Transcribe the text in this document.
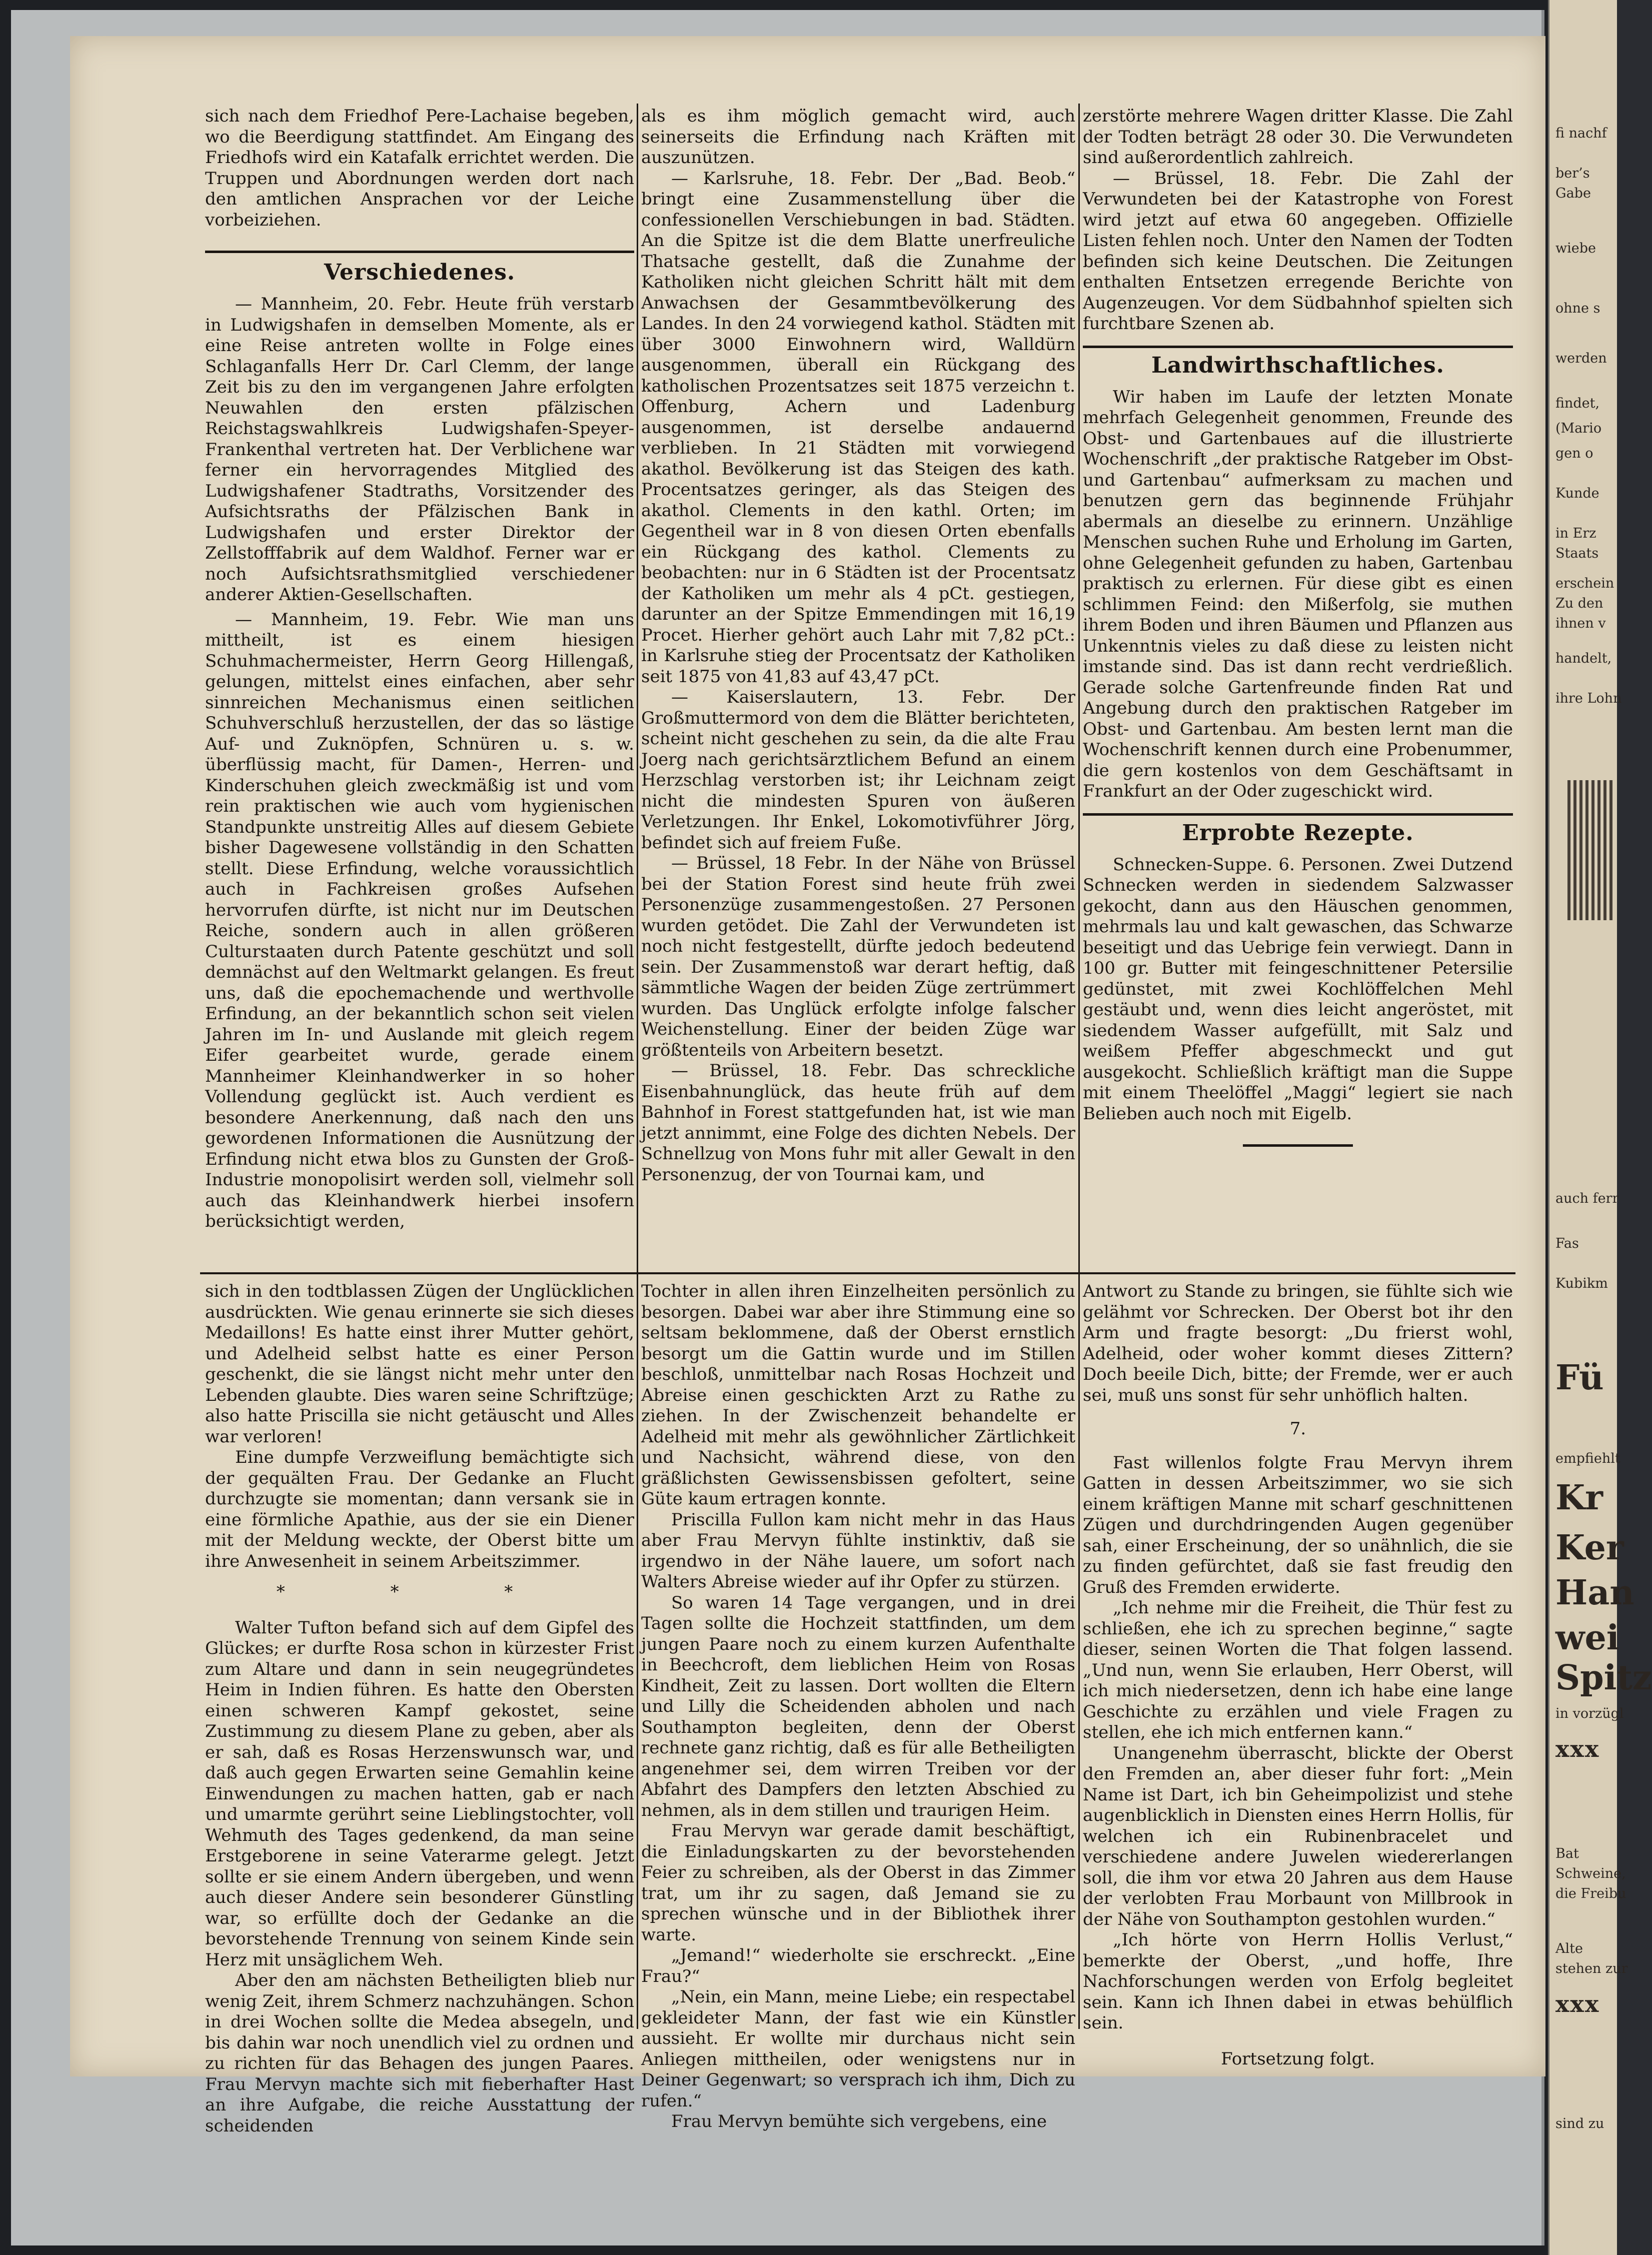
sich nach dem Friedhof Pere-Lachaise begeben, wo die Beerdigung stattfindet. Am Eingang des Friedhofs wird ein Katafalk errichtet werden. Die Truppen und Abordnungen werden dort nach den amtlichen Ansprachen vor der Leiche vorbeiziehen.

Verschiedenes.

— Mannheim, 20. Febr. Heute früh verstarb in Ludwigshafen in demselben Momente, als er eine Reise antreten wollte in Folge eines Schlaganfalls Herr Dr. Carl Clemm, der lange Zeit bis zu den im vergangenen Jahre erfolgten Neuwahlen den ersten pfälzischen Reichstagswahlkreis Ludwigshafen-Speyer-Frankenthal vertreten hat. Der Verblichene war ferner ein hervorragendes Mitglied des Ludwigshafener Stadtraths, Vorsitzender des Aufsichtsraths der Pfälzischen Bank in Ludwigshafen und erster Direktor der Zellstofffabrik auf dem Waldhof. Ferner war er noch Aufsichtsrathsmitglied verschiedener anderer Aktien-Gesellschaften.

— Mannheim, 19. Febr. Wie man uns mittheilt, ist es einem hiesigen Schuhmachermeister, Herrn Georg Hillengaß, gelungen, mittelst eines einfachen, aber sehr sinnreichen Mechanismus einen seitlichen Schuhverschluß herzustellen, der das so lästige Auf- und Zuknöpfen, Schnüren u. s. w. überflüssig macht, für Damen-, Herren- und Kinderschuhen gleich zweckmäßig ist und vom rein praktischen wie auch vom hygienischen Standpunkte unstreitig Alles auf diesem Gebiete bisher Dagewesene vollständig in den Schatten stellt. Diese Erfindung, welche voraussichtlich auch in Fachkreisen großes Aufsehen hervorrufen dürfte, ist nicht nur im Deutschen Reiche, sondern auch in allen größeren Culturstaaten durch Patente geschützt und soll demnächst auf den Weltmarkt gelangen. Es freut uns, daß die epochemachende und werthvolle Erfindung, an der bekanntlich schon seit vielen Jahren im In- und Auslande mit gleich regem Eifer gearbeitet wurde, gerade einem Mannheimer Kleinhandwerker in so hoher Vollendung geglückt ist. Auch verdient es besondere Anerkennung, daß nach den uns gewordenen Informationen die Ausnützung der Erfindung nicht etwa blos zu Gunsten der Groß-Industrie monopolisirt werden soll, vielmehr soll auch das Kleinhandwerk hierbei insofern berücksichtigt werden,

als es ihm möglich gemacht wird, auch seinerseits die Erfindung nach Kräften mit auszunützen.

— Karlsruhe, 18. Febr. Der „Bad. Beob.“ bringt eine Zusammenstellung über die confessionellen Verschiebungen in bad. Städten. An die Spitze ist die dem Blatte unerfreuliche Thatsache gestellt, daß die Zunahme der Katholiken nicht gleichen Schritt hält mit dem Anwachsen der Gesammtbevölkerung des Landes. In den 24 vorwiegend kathol. Städten mit über 3000 Einwohnern wird, Walldürn ausgenommen, überall ein Rückgang des katholischen Prozentsatzes seit 1875 verzeichn t. Offenburg, Achern und Ladenburg ausgenommen, ist derselbe andauernd verblieben. In 21 Städten mit vorwiegend akathol. Bevölkerung ist das Steigen des kath. Procentsatzes geringer, als das Steigen des akathol. Clements in den kathl. Orten; im Gegentheil war in 8 von diesen Orten ebenfalls ein Rückgang des kathol. Clements zu beobachten: nur in 6 Städten ist der Procentsatz der Katholiken um mehr als 4 pCt. gestiegen, darunter an der Spitze Emmendingen mit 16,19 Procet. Hierher gehört auch Lahr mit 7,82 pCt.: in Karlsruhe stieg der Procentsatz der Katholiken seit 1875 von 41,83 auf 43,47 pCt.

— Kaiserslautern, 13. Febr. Der Großmuttermord von dem die Blätter berichteten, scheint nicht geschehen zu sein, da die alte Frau Joerg nach gerichtsärztlichem Befund an einem Herzschlag verstorben ist; ihr Leichnam zeigt nicht die mindesten Spuren von äußeren Verletzungen. Ihr Enkel, Lokomotivführer Jörg, befindet sich auf freiem Fuße.

— Brüssel, 18 Febr. In der Nähe von Brüssel bei der Station Forest sind heute früh zwei Personenzüge zusammengestoßen. 27 Personen wurden getödet. Die Zahl der Verwundeten ist noch nicht festgestellt, dürfte jedoch bedeutend sein. Der Zusammenstoß war derart heftig, daß sämmtliche Wagen der beiden Züge zertrümmert wurden. Das Unglück erfolgte infolge falscher Weichenstellung. Einer der beiden Züge war größtenteils von Arbeitern besetzt.

— Brüssel, 18. Febr. Das schreckliche Eisenbahnunglück, das heute früh auf dem Bahnhof in Forest stattgefunden hat, ist wie man jetzt annimmt, eine Folge des dichten Nebels. Der Schnellzug von Mons fuhr mit aller Gewalt in den Personenzug, der von Tournai kam, und

zerstörte mehrere Wagen dritter Klasse. Die Zahl der Todten beträgt 28 oder 30. Die Verwundeten sind außerordentlich zahlreich.

— Brüssel, 18. Febr. Die Zahl der Verwundeten bei der Katastrophe von Forest wird jetzt auf etwa 60 angegeben. Offizielle Listen fehlen noch. Unter den Namen der Todten befinden sich keine Deutschen. Die Zeitungen enthalten Entsetzen erregende Berichte von Augenzeugen. Vor dem Südbahnhof spielten sich furchtbare Szenen ab.

Landwirthschaftliches.

Wir haben im Laufe der letzten Monate mehrfach Gelegenheit genommen, Freunde des Obst- und Gartenbaues auf die illustrierte Wochenschrift „der praktische Ratgeber im Obst- und Gartenbau“ aufmerksam zu machen und benutzen gern das beginnende Frühjahr abermals an dieselbe zu erinnern. Unzählige Menschen suchen Ruhe und Erholung im Garten, ohne Gelegenheit gefunden zu haben, Gartenbau praktisch zu erlernen. Für diese gibt es einen schlimmen Feind: den Mißerfolg, sie muthen ihrem Boden und ihren Bäumen und Pflanzen aus Unkenntnis vieles zu daß diese zu leisten nicht imstande sind. Das ist dann recht verdrießlich. Gerade solche Gartenfreunde finden Rat und Angebung durch den praktischen Ratgeber im Obst- und Gartenbau. Am besten lernt man die Wochenschrift kennen durch eine Probenummer, die gern kostenlos von dem Geschäftsamt in Frankfurt an der Oder zugeschickt wird.

Erprobte Rezepte.

Schnecken-Suppe. 6. Personen. Zwei Dutzend Schnecken werden in siedendem Salzwasser gekocht, dann aus den Häuschen genommen, mehrmals lau und kalt gewaschen, das Schwarze beseitigt und das Uebrige fein verwiegt. Dann in 100 gr. Butter mit feingeschnittener Petersilie gedünstet, mit zwei Kochlöffelchen Mehl gestäubt und, wenn dies leicht angeröstet, mit siedendem Wasser aufgefüllt, mit Salz und weißem Pfeffer abgeschmeckt und gut ausgekocht. Schließlich kräftigt man die Suppe mit einem Theelöffel „Maggi“ legiert sie nach Belieben auch noch mit Eigelb.

sich in den todtblassen Zügen der Unglücklichen ausdrückten. Wie genau erinnerte sie sich dieses Medaillons! Es hatte einst ihrer Mutter gehört, und Adelheid selbst hatte es einer Person geschenkt, die sie längst nicht mehr unter den Lebenden glaubte. Dies waren seine Schriftzüge; also hatte Priscilla sie nicht getäuscht und Alles war verloren!

Eine dumpfe Verzweiflung bemächtigte sich der gequälten Frau. Der Gedanke an Flucht durchzugte sie momentan; dann versank sie in eine förmliche Apathie, aus der sie ein Diener mit der Meldung weckte, der Oberst bitte um ihre Anwesenheit in seinem Arbeitszimmer.

* * *

Walter Tufton befand sich auf dem Gipfel des Glückes; er durfte Rosa schon in kürzester Frist zum Altare und dann in sein neugegründetes Heim in Indien führen. Es hatte den Obersten einen schweren Kampf gekostet, seine Zustimmung zu diesem Plane zu geben, aber als er sah, daß es Rosas Herzenswunsch war, und daß auch gegen Erwarten seine Gemahlin keine Einwendungen zu machen hatten, gab er nach und umarmte gerührt seine Lieblingstochter, voll Wehmuth des Tages gedenkend, da man seine Erstgeborene in seine Vaterarme gelegt. Jetzt sollte er sie einem Andern übergeben, und wenn auch dieser Andere sein besonderer Günstling war, so erfüllte doch der Gedanke an die bevorstehende Trennung von seinem Kinde sein Herz mit unsäglichem Weh.

Aber den am nächsten Betheiligten blieb nur wenig Zeit, ihrem Schmerz nachzuhängen. Schon in drei Wochen sollte die Medea absegeln, und bis dahin war noch unendlich viel zu ordnen und zu richten für das Behagen des jungen Paares. Frau Mervyn machte sich mit fieberhafter Hast an ihre Aufgabe, die reiche Ausstattung der scheidenden

Tochter in allen ihren Einzelheiten persönlich zu besorgen. Dabei war aber ihre Stimmung eine so seltsam beklommene, daß der Oberst ernstlich besorgt um die Gattin wurde und im Stillen beschloß, unmittelbar nach Rosas Hochzeit und Abreise einen geschickten Arzt zu Rathe zu ziehen. In der Zwischenzeit behandelte er Adelheid mit mehr als gewöhnlicher Zärtlichkeit und Nachsicht, während diese, von den gräßlichsten Gewissensbissen gefoltert, seine Güte kaum ertragen konnte.

Priscilla Fullon kam nicht mehr in das Haus aber Frau Mervyn fühlte instinktiv, daß sie irgendwo in der Nähe lauere, um sofort nach Walters Abreise wieder auf ihr Opfer zu stürzen.

So waren 14 Tage vergangen, und in drei Tagen sollte die Hochzeit stattfinden, um dem jungen Paare noch zu einem kurzen Aufenthalte in Beechcroft, dem lieblichen Heim von Rosas Kindheit, Zeit zu lassen. Dort wollten die Eltern und Lilly die Scheidenden abholen und nach Southampton begleiten, denn der Oberst rechnete ganz richtig, daß es für alle Betheiligten angenehmer sei, dem wirren Treiben vor der Abfahrt des Dampfers den letzten Abschied zu nehmen, als in dem stillen und traurigen Heim.

Frau Mervyn war gerade damit beschäftigt, die Einladungskarten zu der bevorstehenden Feier zu schreiben, als der Oberst in das Zimmer trat, um ihr zu sagen, daß Jemand sie zu sprechen wünsche und in der Bibliothek ihrer warte.

„Jemand!“ wiederholte sie erschreckt. „Eine Frau?“

„Nein, ein Mann, meine Liebe; ein respectabel gekleideter Mann, der fast wie ein Künstler aussieht. Er wollte mir durchaus nicht sein Anliegen mittheilen, oder wenigstens nur in Deiner Gegenwart; so versprach ich ihm, Dich zu rufen.“

Frau Mervyn bemühte sich vergebens, eine

Antwort zu Stande zu bringen, sie fühlte sich wie gelähmt vor Schrecken. Der Oberst bot ihr den Arm und fragte besorgt: „Du frierst wohl, Adelheid, oder woher kommt dieses Zittern? Doch beeile Dich, bitte; der Fremde, wer er auch sei, muß uns sonst für sehr unhöflich halten.

7.

Fast willenlos folgte Frau Mervyn ihrem Gatten in dessen Arbeitszimmer, wo sie sich einem kräftigen Manne mit scharf geschnittenen Zügen und durchdringenden Augen gegenüber sah, einer Erscheinung, der so unähnlich, die sie zu finden gefürchtet, daß sie fast freudig den Gruß des Fremden erwiderte.

„Ich nehme mir die Freiheit, die Thür fest zu schließen, ehe ich zu sprechen beginne,“ sagte dieser, seinen Worten die That folgen lassend. „Und nun, wenn Sie erlauben, Herr Oberst, will ich mich niedersetzen, denn ich habe eine lange Geschichte zu erzählen und viele Fragen zu stellen, ehe ich mich entfernen kann.“

Unangenehm überrascht, blickte der Oberst den Fremden an, aber dieser fuhr fort: „Mein Name ist Dart, ich bin Geheimpolizist und stehe augenblicklich in Diensten eines Herrn Hollis, für welchen ich ein Rubinenbracelet und verschiedene andere Juwelen wiedererlangen soll, die ihm vor etwa 20 Jahren aus dem Hause der verlobten Frau Morbaunt von Millbrook in der Nähe von Southampton gestohlen wurden.“

„Ich hörte von Herrn Hollis Verlust,“ bemerkte der Oberst, „und hoffe, Ihre Nachforschungen werden von Erfolg begleitet sein. Kann ich Ihnen dabei in etwas behülflich sein.

Fortsetzung folgt.

fi nachf
ber’s
Gabe
wiebe
ohne s
werden
findet,
(Mario
gen o
Kunde
in Erz
Staats
erschein
Zu den
ihnen v
handelt,
ihre Lohn
auch ferr
Fas
Kubikm
Fü
empfiehlt
Kr
Ker
Han
wei
Spitz
in vorzügl
xxx
Bat
Schweine,
die Freibu
Alte
stehen zur
xxx
sind zu
